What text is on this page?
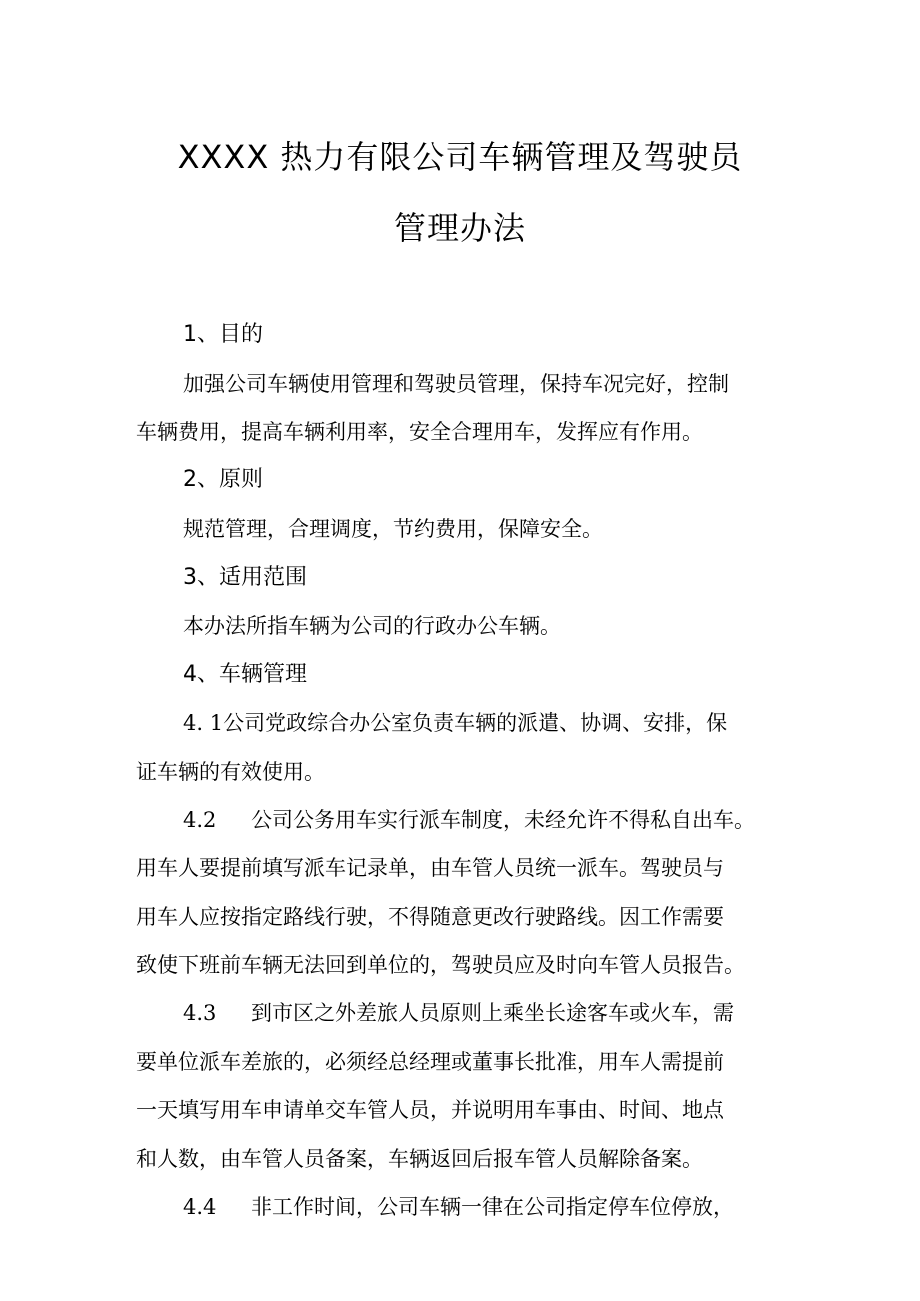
XXXX 热力有限公司车辆管理及驾驶员
管理办法

1、目的

加强公司车辆使用管理和驾驶员管理，保持车况完好，控制

车辆费用，提高车辆利用率，安全合理用车，发挥应有作用。

2、原则

规范管理，合理调度，节约费用，保障安全。

3、适用范围

本办法所指车辆为公司的行政办公车辆。

4、车辆管理

4. 1公司党政综合办公室负责车辆的派遣、协调、安排，保

证车辆的有效使用。

4.2 公司公务用车实行派车制度，未经允许不得私自出车。

用车人要提前填写派车记录单，由车管人员统一派车。驾驶员与

用车人应按指定路线行驶，不得随意更改行驶路线。因工作需要

致使下班前车辆无法回到单位的，驾驶员应及时向车管人员报告。

4.3 到市区之外差旅人员原则上乘坐长途客车或火车，需

要单位派车差旅的，必须经总经理或董事长批准，用车人需提前

一天填写用车申请单交车管人员，并说明用车事由、时间、地点

和人数，由车管人员备案，车辆返回后报车管人员解除备案。

4.4 非工作时间，公司车辆一律在公司指定停车位停放，
